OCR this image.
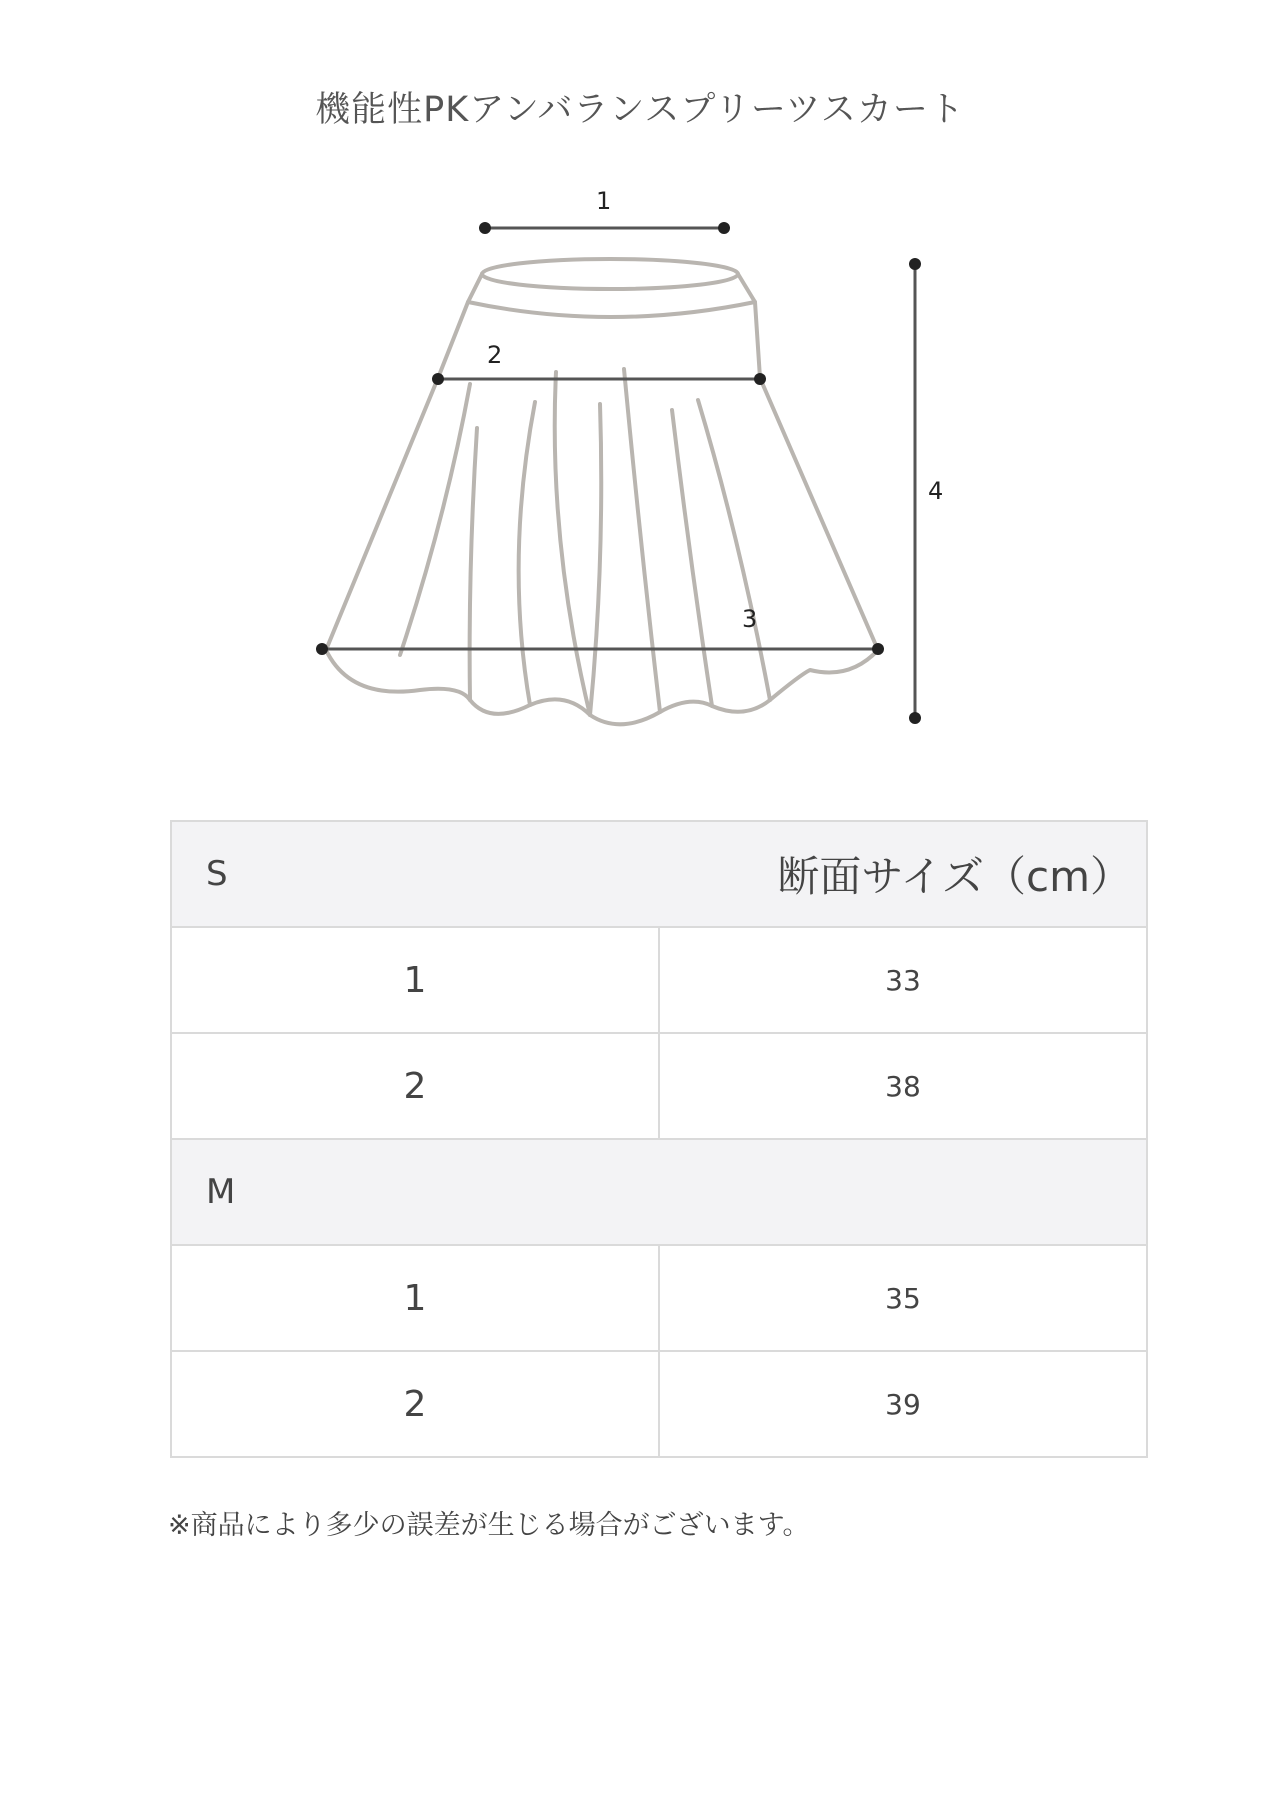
機能性PKアンバランスプリーツスカート
1
2
3
4
S	断面サイズ（cm）
1	33
2	38
M	
1	35
2	39
※商品により多少の誤差が生じる場合がございます。
